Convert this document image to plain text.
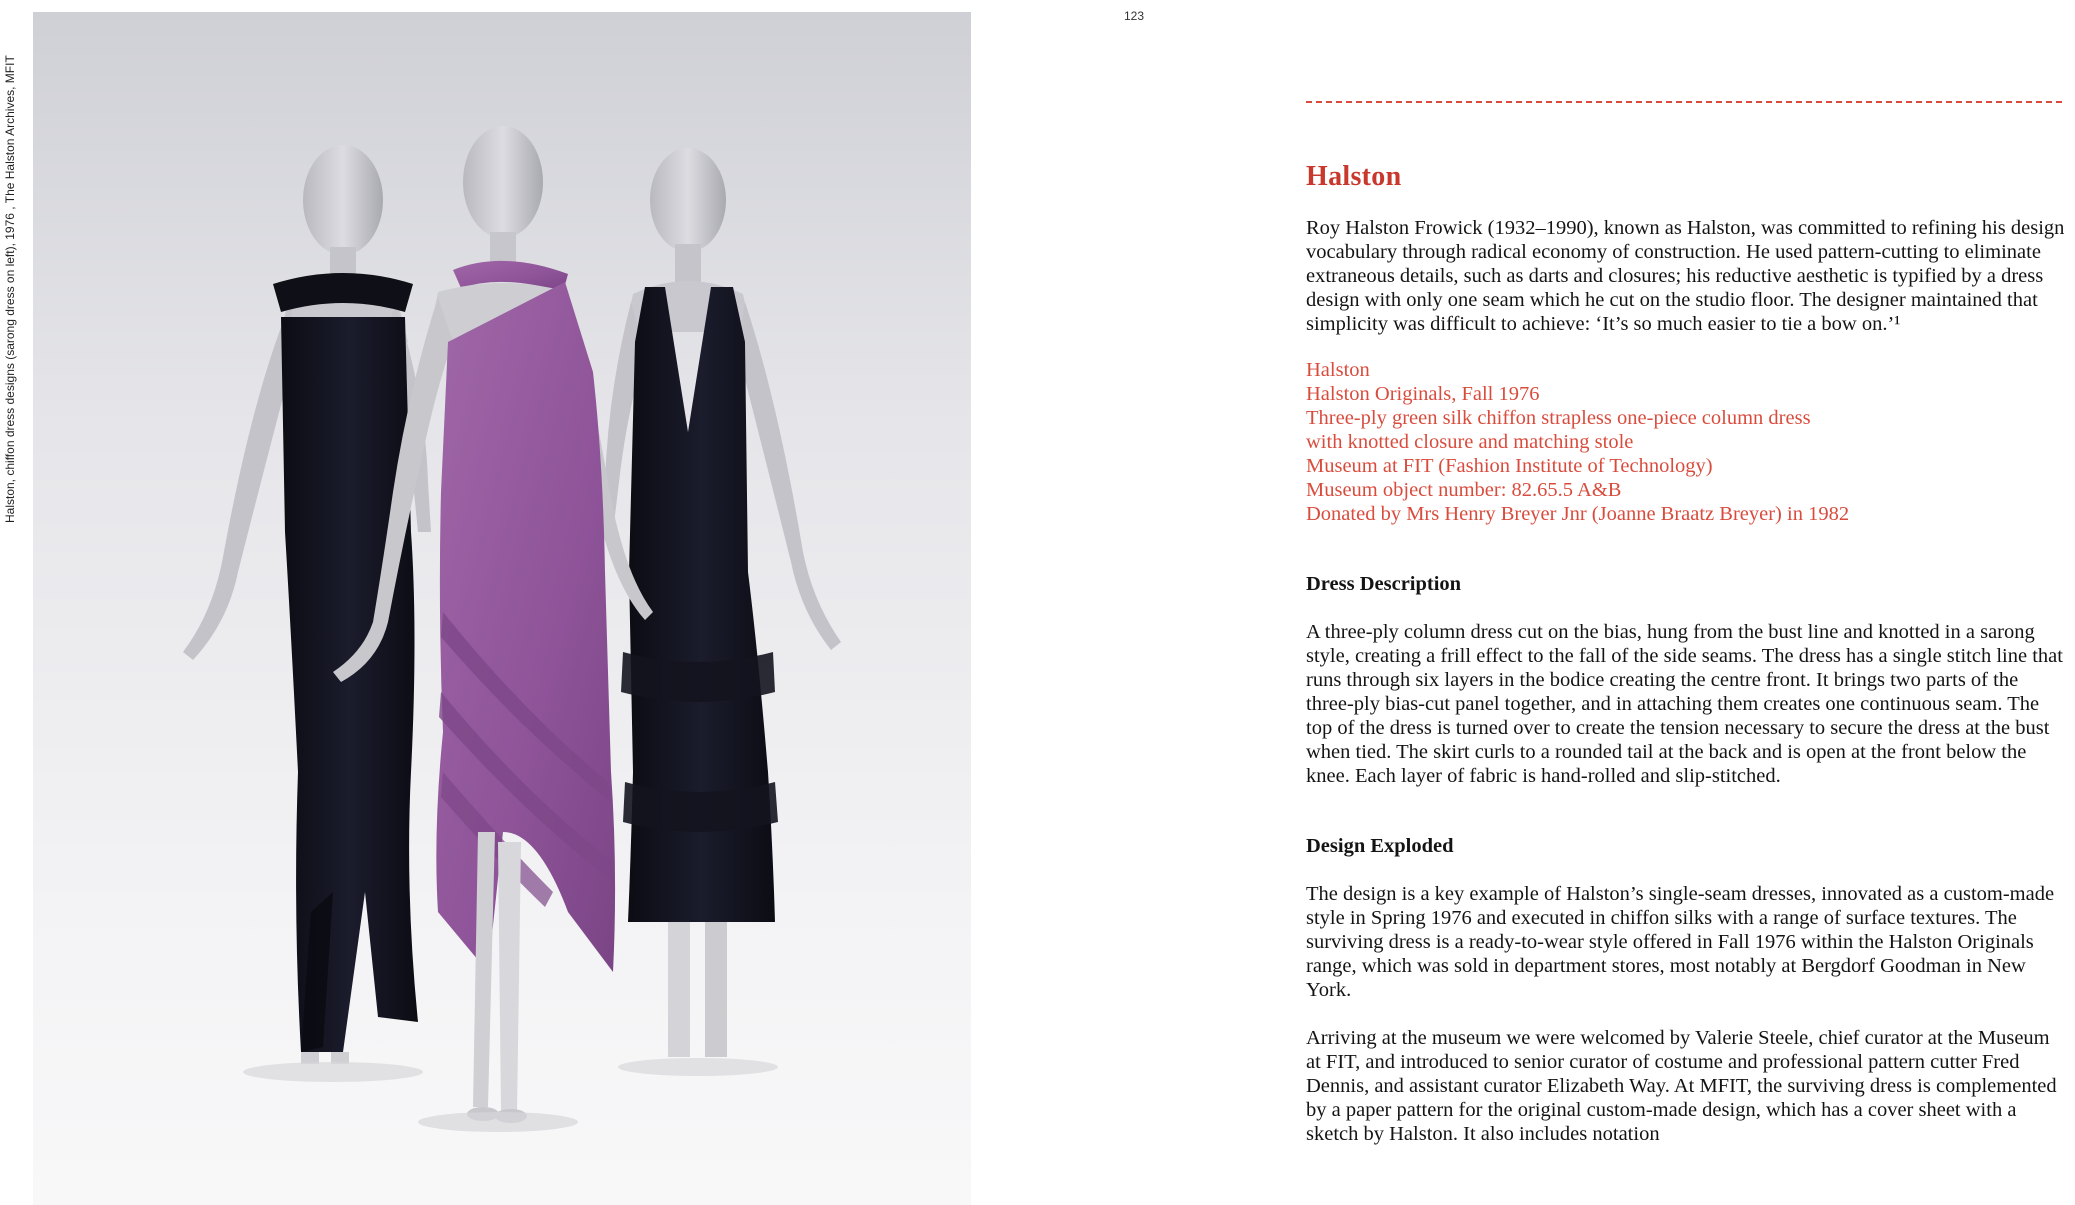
Halston, chiffon dress designs (sarong dress on left), 1976 , The Halston Archives, MFIT
123
Halston

Roy Halston Frowick (1932–1990), known as Halston, was committed to refining his design vocabulary through radical economy of construction. He used pattern-cutting to eliminate extraneous details, such as darts and closures; his reductive aesthetic is typified by a dress design with only one seam which he cut on the studio floor. The designer maintained that simplicity was difficult to achieve: ‘It’s so much easier to tie a bow on.’¹

Halston
Halston Originals, Fall 1976
Three-ply green silk chiffon strapless one-piece column dress
with knotted closure and matching stole
Museum at FIT (Fashion Institute of Technology)
Museum object number: 82.65.5 A&B
Donated by Mrs Henry Breyer Jnr (Joanne Braatz Breyer) in 1982
Dress Description

A three-ply column dress cut on the bias, hung from the bust line and knotted in a sarong style, creating a frill effect to the fall of the side seams. The dress has a single stitch line that runs through six layers in the bodice creating the centre front. It brings two parts of the three-ply bias-cut panel together, and in attaching them creates one continuous seam. The top of the dress is turned over to create the tension necessary to secure the dress at the bust when tied. The skirt curls to a rounded tail at the back and is open at the front below the knee. Each layer of fabric is hand-rolled and slip-stitched.

Design Exploded

The design is a key example of Halston’s single-seam dresses, innovated as a custom-made style in Spring 1976 and executed in chiffon silks with a range of surface textures. The surviving dress is a ready-to-wear style offered in Fall 1976 within the Halston Originals range, which was sold in department stores, most notably at Bergdorf Goodman in New York.

Arriving at the museum we were welcomed by Valerie Steele, chief curator at the Museum at FIT, and introduced to senior curator of costume and professional pattern cutter Fred Dennis, and assistant curator Elizabeth Way. At MFIT, the surviving dress is complemented by a paper pattern for the original custom-made design, which has a cover sheet with a sketch by Halston. It also includes notation
